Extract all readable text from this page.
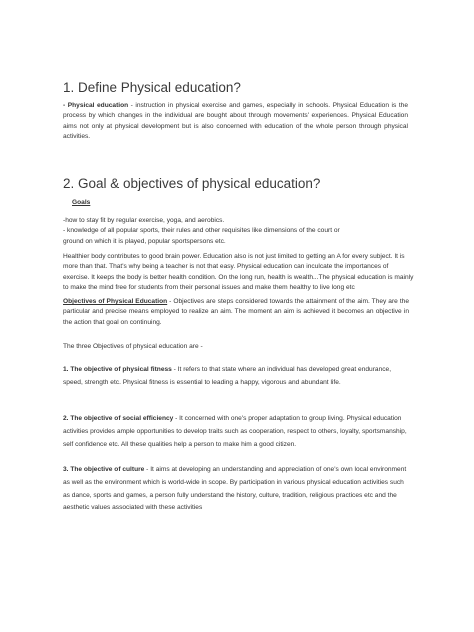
1. Define Physical education?

- Physical education - instruction in physical exercise and games, especially in schools. Physical Education is the process by which changes in the individual are bought about through movements' experiences. Physical Education aims not only at physical development but is also concerned with education of the whole person through physical activities.

2. Goal & objectives of physical education?

Goals

-how to stay fit by regular exercise, yoga, and aerobics.
- knowledge of all popular sports, their rules and other requisites like dimensions of the court or
ground on which it is played, popular sportspersons etc.

Healthier body contributes to good brain power. Education also is not just limited to getting an A for every subject. It is more than that. That's why being a teacher is not that easy. Physical education can inculcate the importances of exercise. It keeps the body is better health condition. On the long run, health is wealth...The physical education is mainly to make the mind free for students from their personal issues and make them healthy to live long etc

Objectives of Physical Education - Objectives are steps considered towards the attainment of the aim. They are the particular and precise means employed to realize an aim. The moment an aim is achieved it becomes an objective in the action that goal on continuing.

The three Objectives of physical education are -

1. The objective of physical fitness - It refers to that state where an individual has developed great endurance, speed, strength etc. Physical fitness is essential to leading a happy, vigorous and abundant life.

2. The objective of social efficiency - It concerned with one's proper adaptation to group living. Physical education activities provides ample opportunities to develop traits such as cooperation, respect to others, loyalty, sportsmanship, self confidence etc. All these qualities help a person to make him a good citizen.

3. The objective of culture - It aims at developing an understanding and appreciation of one's own local environment as well as the environment which is world-wide in scope. By participation in various physical education activities such as dance, sports and games, a person fully understand the history, culture, tradition, religious practices etc and the aesthetic values associated with these activities
